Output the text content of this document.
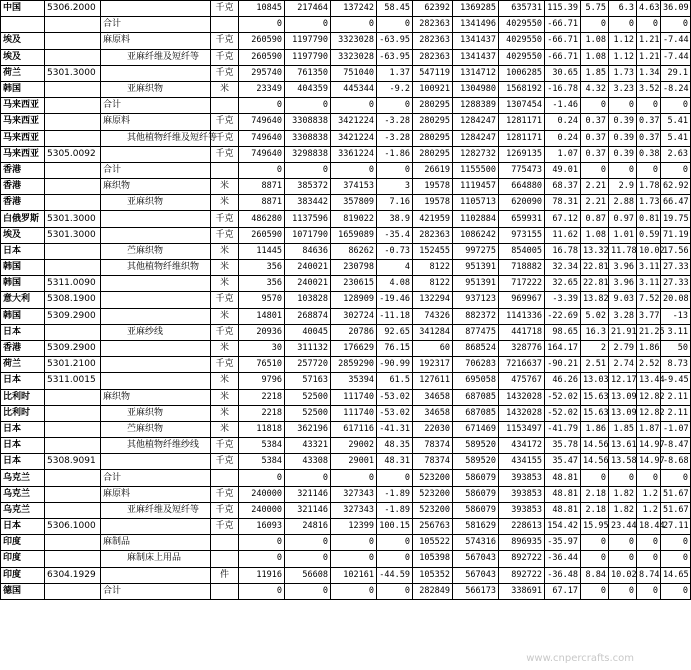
中国	5306.2000		千克	10845	217464	137242	58.45	62392	1369285	635731	115.39	5.75	6.3	4.63	36.09
		合计		0	0	0	0	282363	1341496	4029550	-66.71	0	0	0	0
埃及		麻原料	千克	260590	1197790	3323028	-63.95	282363	1341437	4029550	-66.71	1.08	1.12	1.21	-7.44
埃及		亚麻纤维及短纤等	千克	260590	1197790	3323028	-63.95	282363	1341437	4029550	-66.71	1.08	1.12	1.21	-7.44
荷兰	5301.3000		千克	295740	761350	751040	1.37	547119	1314712	1006285	30.65	1.85	1.73	1.34	29.1
韩国		亚麻织物	米	23349	404359	445344	-9.2	100921	1304980	1568192	-16.78	4.32	3.23	3.52	-8.24
马来西亚		合计		0	0	0	0	280295	1288389	1307454	-1.46	0	0	0	0
马来西亚		麻原料	千克	749640	3308838	3421224	-3.28	280295	1284247	1281171	0.24	0.37	0.39	0.37	5.41
马来西亚		其他植物纤维及短纤等	千克	749640	3308838	3421224	-3.28	280295	1284247	1281171	0.24	0.37	0.39	0.37	5.41
马来西亚	5305.0092		千克	749640	3298838	3361224	-1.86	280295	1282732	1269135	1.07	0.37	0.39	0.38	2.63
香港		合计		0	0	0	0	26619	1155500	775473	49.01	0	0	0	0
香港		麻织物	米	8871	385372	374153	3	19578	1119457	664880	68.37	2.21	2.9	1.78	62.92
香港		亚麻织物	米	8871	383442	357809	7.16	19578	1105713	620090	78.31	2.21	2.88	1.73	66.47
白俄罗斯	5301.3000		千克	486280	1137596	819022	38.9	421959	1102884	659931	67.12	0.87	0.97	0.81	19.75
埃及	5301.3000		千克	260590	1071790	1659089	-35.4	282363	1086242	973155	11.62	1.08	1.01	0.59	71.19
日本		苎麻织物	米	11445	84636	86262	-0.73	152455	997275	854005	16.78	13.32	11.78	10.02	17.56
韩国		其他植物纤维织物	米	356	240021	230798	4	8122	951391	718882	32.34	22.81	3.96	3.11	27.33
韩国	5311.0090		米	356	240021	230615	4.08	8122	951391	717222	32.65	22.81	3.96	3.11	27.33
意大利	5308.1900		千克	9570	103828	128909	-19.46	132294	937123	969967	-3.39	13.82	9.03	7.52	20.08
韩国	5309.2900		米	14801	268874	302724	-11.18	74326	882372	1141336	-22.69	5.02	3.28	3.77	-13
日本		亚麻纱线	千克	20936	40045	20786	92.65	341284	877475	441718	98.65	16.3	21.91	21.25	3.11
香港	5309.2900		米	30	311132	176629	76.15	60	868524	328776	164.17	2	2.79	1.86	50
荷兰	5301.2100		千克	76510	257720	2859290	-90.99	192317	706283	7216637	-90.21	2.51	2.74	2.52	8.73
日本	5311.0015		米	9796	57163	35394	61.5	127611	695058	475767	46.26	13.03	12.17	13.44	-9.45
比利时		麻织物	米	2218	52500	111740	-53.02	34658	687085	1432028	-52.02	15.63	13.09	12.82	2.11
比利时		亚麻织物	米	2218	52500	111740	-53.02	34658	687085	1432028	-52.02	15.63	13.09	12.82	2.11
日本		苎麻织物	米	11818	362196	617116	-41.31	22030	671469	1153497	-41.79	1.86	1.85	1.87	-1.07
日本		其他植物纤维纱线	千克	5384	43321	29002	48.35	78374	589520	434172	35.78	14.56	13.61	14.97	-8.47
日本	5308.9091		千克	5384	43308	29001	48.31	78374	589520	434155	35.47	14.56	13.58	14.97	-8.68
乌克兰		合计		0	0	0	0	523200	586079	393853	48.81	0	0	0	0
乌克兰		麻原料	千克	240000	321146	327343	-1.89	523200	586079	393853	48.81	2.18	1.82	1.2	51.67
乌克兰		亚麻纤维及短纤等	千克	240000	321146	327343	-1.89	523200	586079	393853	48.81	2.18	1.82	1.2	51.67
日本	5306.1000		千克	16093	24816	12399	100.15	256763	581629	228613	154.42	15.95	23.44	18.44	27.11
印度		麻制品		0	0	0	0	105522	574316	896935	-35.97	0	0	0	0
印度		麻制床上用品		0	0	0	0	105398	567043	892722	-36.44	0	0	0	0
印度	6304.1929		件	11916	56608	102161	-44.59	105352	567043	892722	-36.48	8.84	10.02	8.74	14.65
德国		合计		0	0	0	0	282849	566173	338691	67.17	0	0	0	0
www.cnpercrafts.com
